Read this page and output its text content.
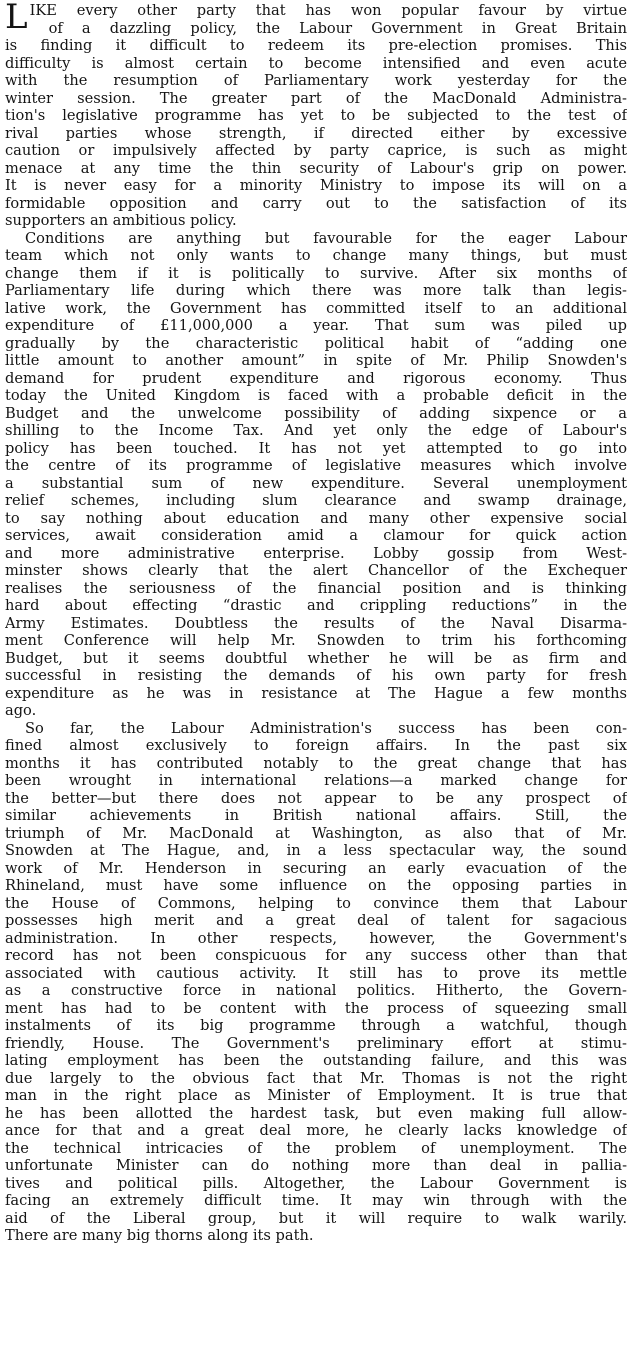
L IKE every other party that has won popular favour by virtue
of a dazzling policy, the Labour Government in Great Britain
is finding it difficult to redeem its pre-election promises. This
difficulty is almost certain to become intensified and even acute
with the resumption of Parliamentary work yesterday for the
winter session. The greater part of the MacDonald Administra-
tion's legislative programme has yet to be subjected to the test of
rival parties whose strength, if directed either by excessive
caution or impulsively affected by party caprice, is such as might
menace at any time the thin security of Labour's grip on power.
It is never easy for a minority Ministry to impose its will on a
formidable opposition and carry out to the satisfaction of its
supporters an ambitious policy.
Conditions are anything but favourable for the eager Labour
team which not only wants to change many things, but must
change them if it is politically to survive. After six months of
Parliamentary life during which there was more talk than legis-
lative work, the Government has committed itself to an additional
expenditure of £11,000,000 a year. That sum was piled up
gradually by the characteristic political habit of “adding one
little amount to another amount” in spite of Mr. Philip Snowden's
demand for prudent expenditure and rigorous economy. Thus
today the United Kingdom is faced with a probable deficit in the
Budget and the unwelcome possibility of adding sixpence or a
shilling to the Income Tax. And yet only the edge of Labour's
policy has been touched. It has not yet attempted to go into
the centre of its programme of legislative measures which involve
a substantial sum of new expenditure. Several unemployment
relief schemes, including slum clearance and swamp drainage,
to say nothing about education and many other expensive social
services, await consideration amid a clamour for quick action
and more administrative enterprise. Lobby gossip from West-
minster shows clearly that the alert Chancellor of the Exchequer
realises the seriousness of the financial position and is thinking
hard about effecting “drastic and crippling reductions” in the
Army Estimates. Doubtless the results of the Naval Disarma-
ment Conference will help Mr. Snowden to trim his forthcoming
Budget, but it seems doubtful whether he will be as firm and
successful in resisting the demands of his own party for fresh
expenditure as he was in resistance at The Hague a few months
ago.
So far, the Labour Administration's success has been con-
fined almost exclusively to foreign affairs. In the past six
months it has contributed notably to the great change that has
been wrought in international relations—a marked change for
the better—but there does not appear to be any prospect of
similar achievements in British national affairs. Still, the
triumph of Mr. MacDonald at Washington, as also that of Mr.
Snowden at The Hague, and, in a less spectacular way, the sound
work of Mr. Henderson in securing an early evacuation of the
Rhineland, must have some influence on the opposing parties in
the House of Commons, helping to convince them that Labour
possesses high merit and a great deal of talent for sagacious
administration. In other respects, however, the Government's
record has not been conspicuous for any success other than that
associated with cautious activity. It still has to prove its mettle
as a constructive force in national politics. Hitherto, the Govern-
ment has had to be content with the process of squeezing small
instalments of its big programme through a watchful, though
friendly, House. The Government's preliminary effort at stimu-
lating employment has been the outstanding failure, and this was
due largely to the obvious fact that Mr. Thomas is not the right
man in the right place as Minister of Employment. It is true that
he has been allotted the hardest task, but even making full allow-
ance for that and a great deal more, he clearly lacks knowledge of
the technical intricacies of the problem of unemployment. The
unfortunate Minister can do nothing more than deal in pallia-
tives and political pills. Altogether, the Labour Government is
facing an extremely difficult time. It may win through with the
aid of the Liberal group, but it will require to walk warily.
There are many big thorns along its path.
